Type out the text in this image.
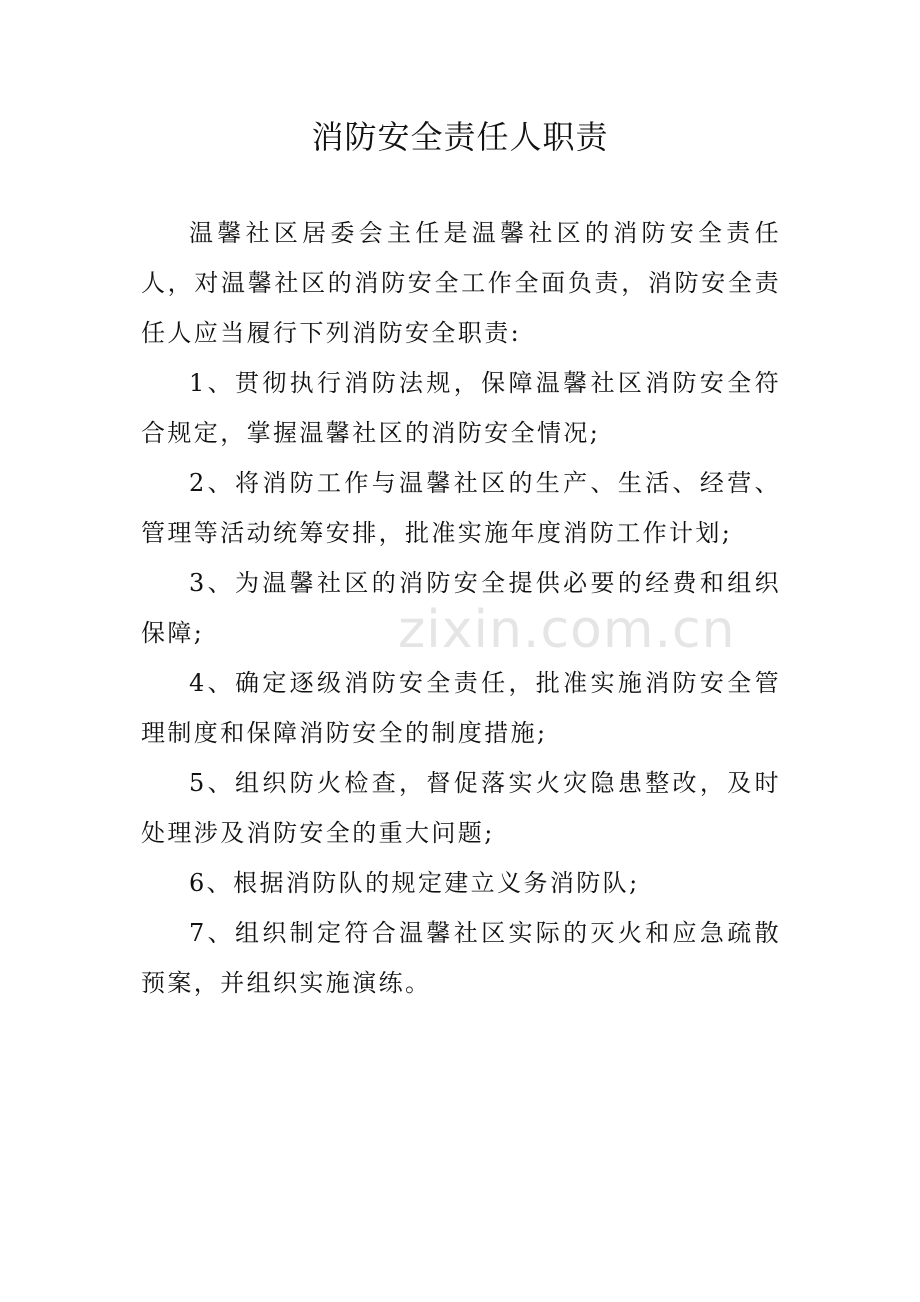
消防安全责任人职责

温馨社区居委会主任是温馨社区的消防安全责任人，对温馨社区的消防安全工作全面负责，消防安全责任人应当履行下列消防安全职责:

1、贯彻执行消防法规，保障温馨社区消防安全符合规定，掌握温馨社区的消防安全情况;

2、将消防工作与温馨社区的生产、生活、经营、管理等活动统筹安排，批准实施年度消防工作计划;

3、为温馨社区的消防安全提供必要的经费和组织保障;

4、确定逐级消防安全责任，批准实施消防安全管理制度和保障消防安全的制度措施;

5、组织防火检查，督促落实火灾隐患整改，及时处理涉及消防安全的重大问题;

6、根据消防队的规定建立义务消防队;

7、组织制定符合温馨社区实际的灭火和应急疏散预案，并组织实施演练。

zixin.com.cn
